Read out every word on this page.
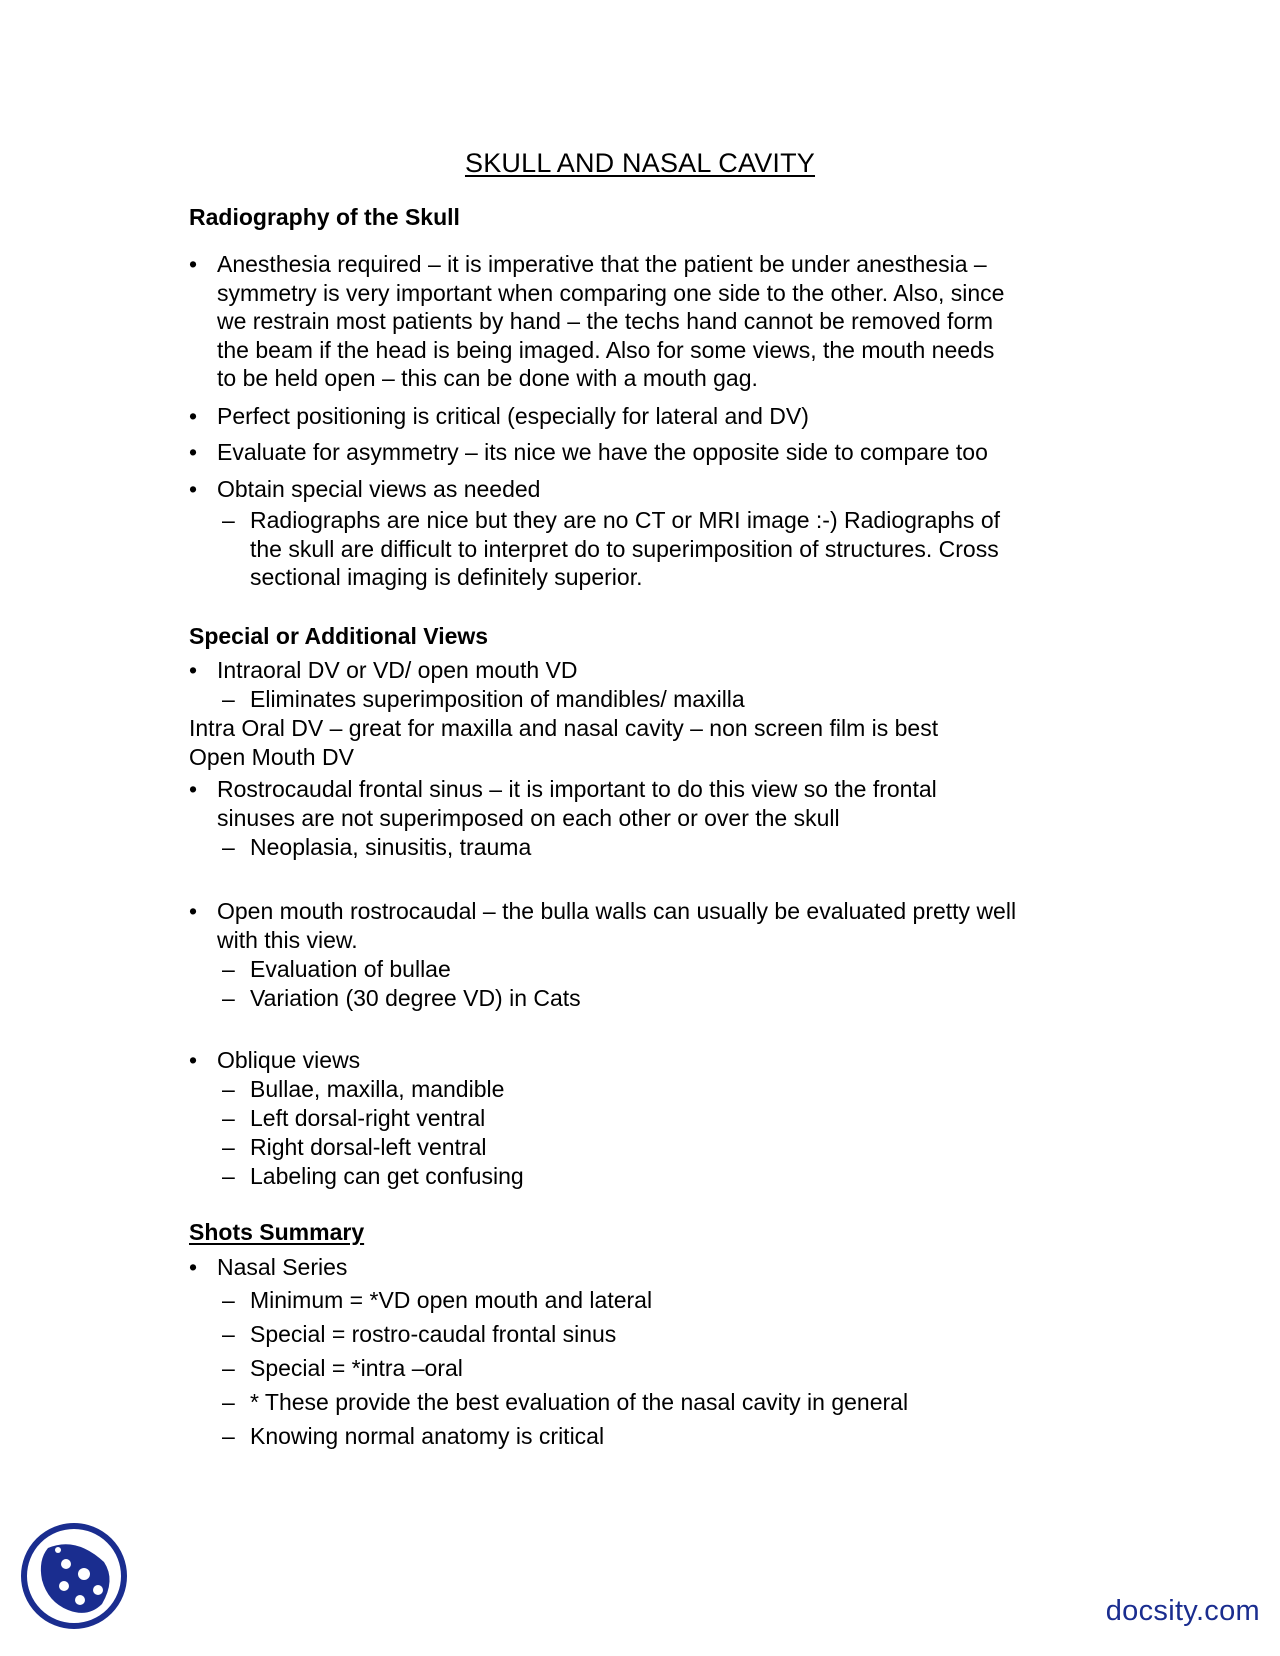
SKULL AND NASAL CAVITY
Radiography of the Skull
• Anesthesia required – it is imperative that the patient be under anesthesia –
symmetry is very important when comparing one side to the other. Also, since
we restrain most patients by hand – the techs hand cannot be removed form
the beam if the head is being imaged. Also for some views, the mouth needs
to be held open – this can be done with a mouth gag.
• Perfect positioning is critical (especially for lateral and DV)
• Evaluate for asymmetry – its nice we have the opposite side to compare too
• Obtain special views as needed
– Radiographs are nice but they are no CT or MRI image :-) Radiographs of
the skull are difficult to interpret do to superimposition of structures. Cross
sectional imaging is definitely superior.
Special or Additional Views
• Intraoral DV or VD/ open mouth VD
– Eliminates superimposition of mandibles/ maxilla
Intra Oral DV – great for maxilla and nasal cavity – non screen film is best
Open Mouth DV
• Rostrocaudal frontal sinus – it is important to do this view so the frontal
sinuses are not superimposed on each other or over the skull
– Neoplasia, sinusitis, trauma
• Open mouth rostrocaudal – the bulla walls can usually be evaluated pretty well
with this view.
– Evaluation of bullae
– Variation (30 degree VD) in Cats
• Oblique views
– Bullae, maxilla, mandible
– Left dorsal-right ventral
– Right dorsal-left ventral
– Labeling can get confusing
Shots Summary
• Nasal Series
– Minimum = *VD open mouth and lateral
– Special = rostro-caudal frontal sinus
– Special = *intra –oral
– * These provide the best evaluation of the nasal cavity in general
– Knowing normal anatomy is critical
docsity.com
